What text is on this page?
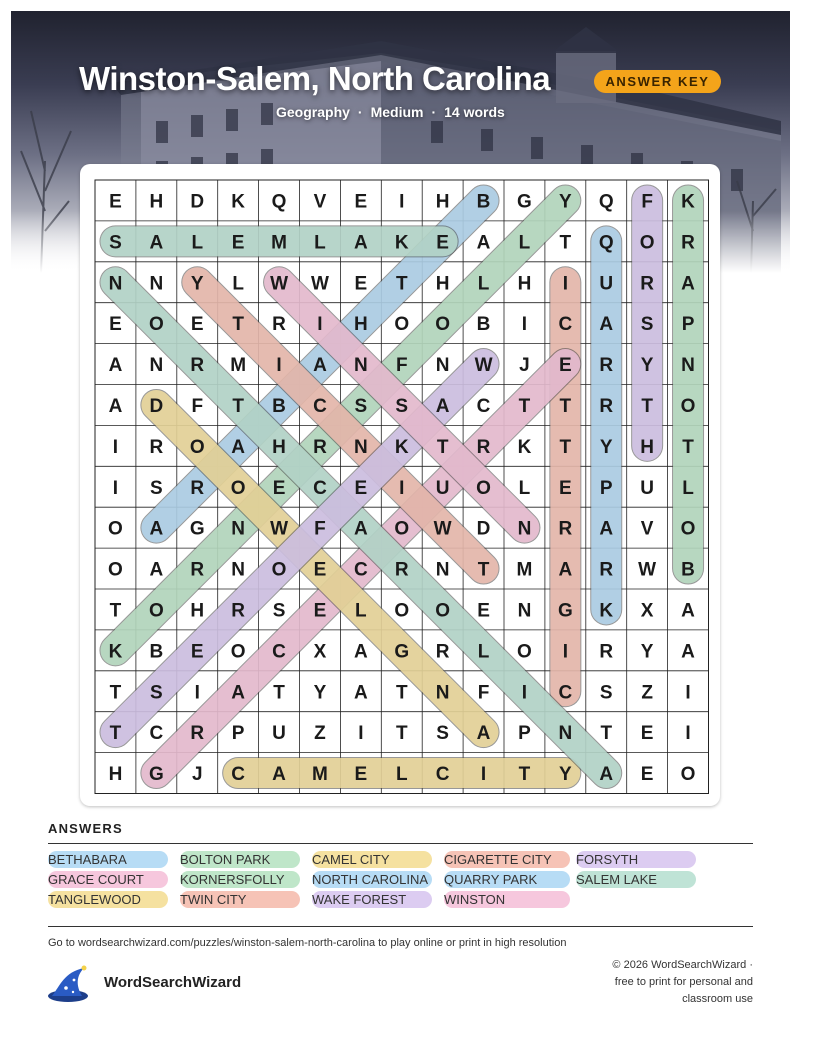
Winston-Salem, North Carolina	ANSWER KEY
Geography · Medium · 14 words
E H D K Q V E I H B G Y Q F K
S A L E M L A K E A L T Q O R
N N Y L W W E T H L H I U R A
E O E T R I H O O B I C A S P
A N R M I A N F N W J E R Y N
A D F T B C S S A C T T R T O
I R O A H R N K T R K T Y H T
I S R O E C E I U O L E P U L
O A G N W F A O W D N R A V O
O A R N O E C R N T M A R W B
T O H R S E L O O E N G K X A
K B E O C X A G R L O I R Y A
T S I A T Y A T N F I C S Z I
T C R P U Z I T S A P N T E I
H G J C A M E L C I T Y A E O
ANSWERS
BETHABARA	BOLTON PARK	CAMEL CITY	CIGARETTE CITY	FORSYTH
GRACE COURT	KORNERSFOLLY	NORTH CAROLINA	QUARRY PARK	SALEM LAKE
TANGLEWOOD	TWIN CITY	WAKE FOREST	WINSTON
Go to wordsearchwizard.com/puzzles/winston-salem-north-carolina to play online or print in high resolution
WordSearchWizard
© 2026 WordSearchWizard ·
free to print for personal and
classroom use
